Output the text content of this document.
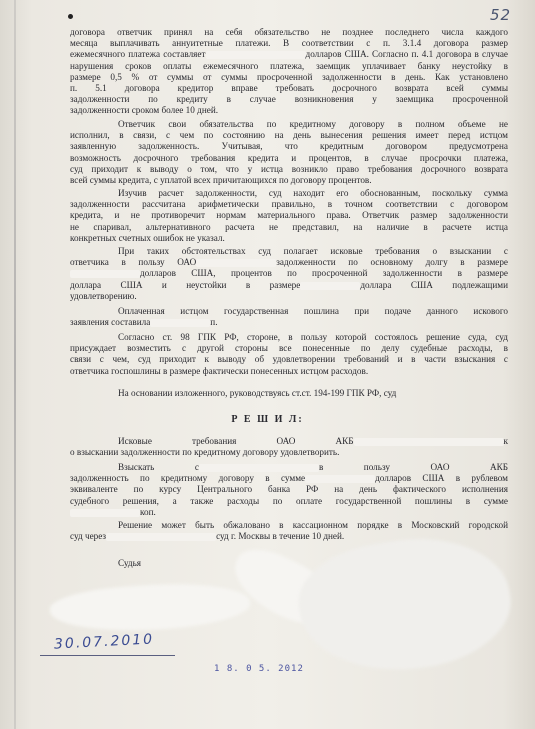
52
договора ответчик принял на себя обязательство не позднее последнего числа каждого
месяца выплачивать аннуитетные платежи. В соответствии с п. 3.1.4 договора размер
ежемесячного платежа составляет	долларов США. Согласно п. 4.1 договора в случае
нарушения сроков оплаты ежемесячного платежа, заемщик уплачивает банку неустойку в
размере 0,5 % от суммы от суммы просроченной задолженности в день. Как установлено
п. 5.1 договора кредитор вправе требовать досрочного возврата всей суммы
задолженности по кредиту в случае возникновения у заемщика просроченной
задолженности сроком более 10 дней.
Ответчик свои обязательства по кредитному договору в полном объеме не
исполнил, в связи, с чем по состоянию на день вынесения решения имеет перед истцом
заявленную задолженность. Учитывая, что кредитным договором предусмотрена
возможность досрочного требования кредита и процентов, в случае просрочки платежа,
суд приходит к выводу о том, что у истца возникло право требования досрочного возврата
всей суммы кредита, с уплатой всех причитающихся по договору процентов.
Изучив расчет задолженности, суд находит его обоснованным, поскольку сумма
задолженности рассчитана арифметически правильно, в точном соответствии с договором
кредита, и не противоречит нормам материального права. Ответчик размер задолженности
не спаривал, альтернативного расчета не представил, на наличие в расчете истца
конкретных счетных ошибок не указал.
При таких обстоятельствах суд полагает исковые требования о взыскании с
ответчика в пользу ОАО	задолженности по основному долгу в размере
долларов США, процентов по просроченной задолженности в размере
доллара США и неустойки в размере	доллара США подлежащими
удовлетворению.
Оплаченная истцом государственная пошлина при подаче данного искового
заявления составила	п.
Согласно ст. 98 ГПК РФ, стороне, в пользу которой состоялось решение суда, суд
присуждает возместить с другой стороны все понесенные по делу судебные расходы, в
связи с чем, суд приходит к выводу об удовлетворении требований и в части взыскания с
ответчика госпошлины в размере фактически понесенных истцом расходов.
На основании изложенного, руководствуясь ст.ст. 194-199 ГПК РФ, суд
Р Е Ш И Л:
Исковые требования ОАО АКБ	к
о взыскании задолженности по кредитному договору удовлетворить.
Взыскать с	в пользу ОАО АКБ
задолженность по кредитному договору в сумме	долларов США в рублевом
эквиваленте по курсу Центрального банка РФ на день фактического исполнения
судебного решения, а также расходы по оплате государственной пошлины в сумме
коп.
Решение может быть обжаловано в кассационном порядке в Московский городской
суд через	суд г. Москвы в течение 10 дней.
Судья
30.07.2010
1 8. 0 5. 2012
